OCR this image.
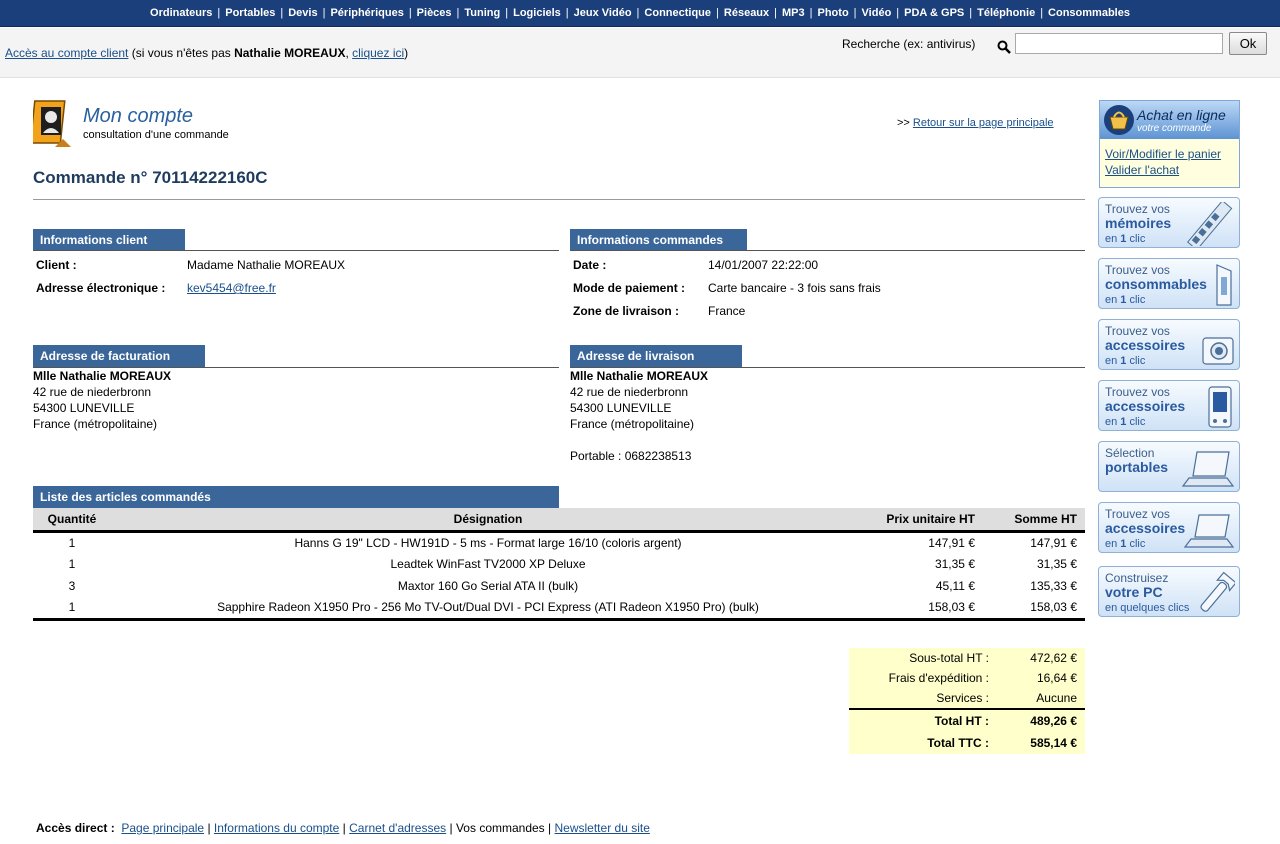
Ordinateurs | Portables | Devis | Périphériques | Pièces | Tuning | Logiciels | Jeux Vidéo | Connectique | Réseaux | MP3 | Photo | Vidéo | PDA & GPS | Téléphonie | Consommables
Accès au compte client (si vous n'êtes pas Nathalie MOREAUX, cliquez ici)
Recherche (ex: antivirus)	Ok
Mon compte
consultation d'une commande
>> Retour sur la page principale
Commande n° 70114222160C
Informations client
Client :	Madame Nathalie MOREAUX
Adresse électronique : kev5454@free.fr
Informations commandes
Date :	14/01/2007 22:22:00
Mode de paiement : Carte bancaire - 3 fois sans frais
Zone de livraison : France
Adresse de facturation
Mlle Nathalie MOREAUX
42 rue de niederbronn
54300 LUNEVILLE
France (métropolitaine)
Adresse de livraison
Mlle Nathalie MOREAUX
42 rue de niederbronn
54300 LUNEVILLE
France (métropolitaine)
Portable : 0682238513
Liste des articles commandés
Quantité	Désignation	Prix unitaire HT	Somme HT
1	Hanns G 19" LCD - HW191D - 5 ms - Format large 16/10 (coloris argent)	147,91 €	147,91 €
1	Leadtek WinFast TV2000 XP Deluxe	31,35 €	31,35 €
3	Maxtor 160 Go Serial ATA II (bulk)	45,11 €	135,33 €
1	Sapphire Radeon X1950 Pro - 256 Mo TV-Out/Dual DVI - PCI Express (ATI Radeon X1950 Pro) (bulk)	158,03 €	158,03 €
Sous-total HT :	472,62 €
Frais d'expédition :	16,64 €
Services :	Aucune
Total HT :	489,26 €
Total TTC :	585,14 €
Accès direct : Page principale | Informations du compte | Carnet d'adresses | Vos commandes | Newsletter du site
Achat en ligne
votre commande
Voir/Modifier le panier
Valider l'achat
Trouvez vos
mémoires
en 1 clic
Trouvez vos
consommables
en 1 clic
Trouvez vos
accessoires
en 1 clic
Trouvez vos
accessoires
en 1 clic
Sélection
portables
Trouvez vos
accessoires
en 1 clic
Construisez
votre PC
en quelques clics
